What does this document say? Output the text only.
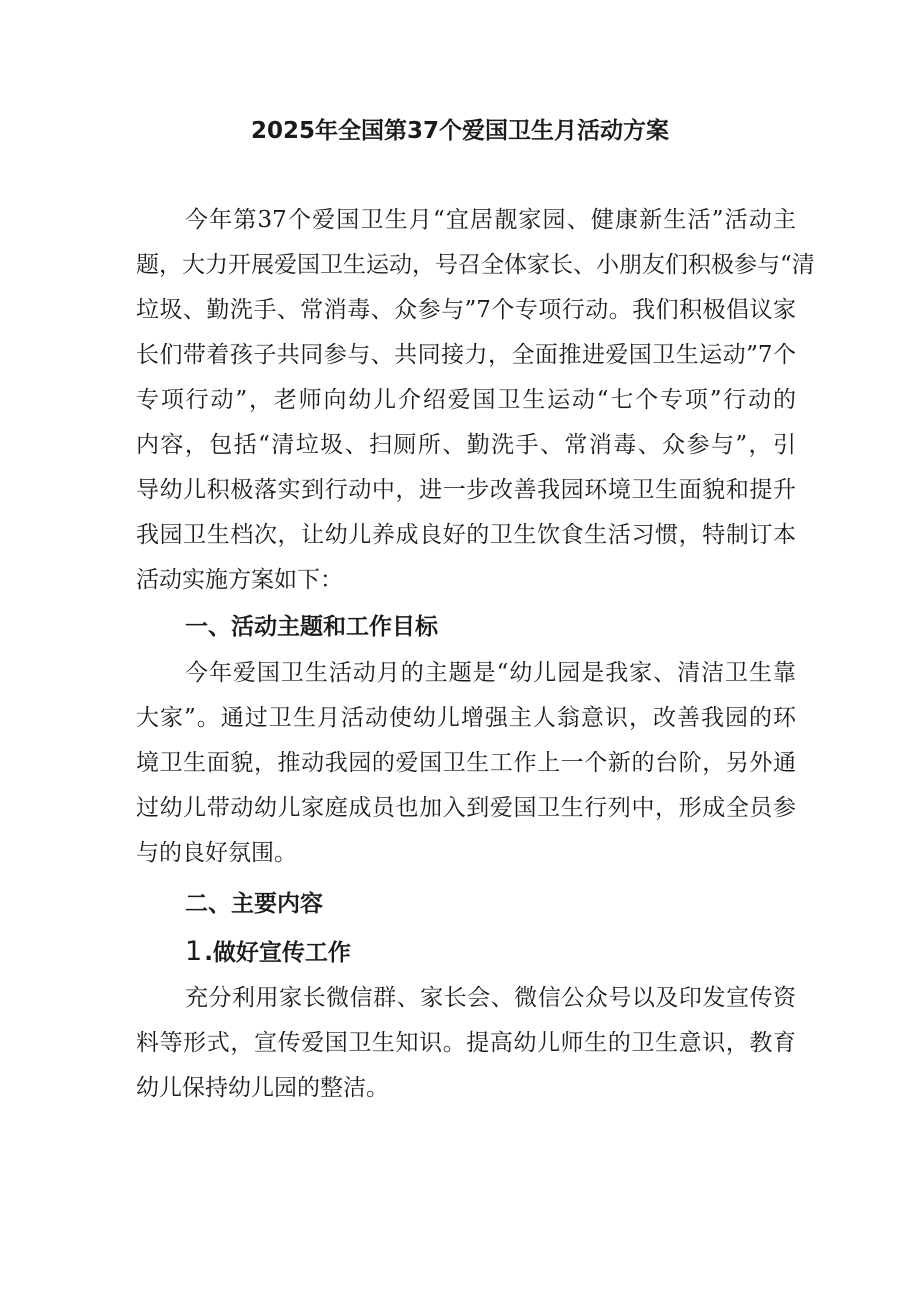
2025年全国第37个爱国卫生月活动方案
今年第37个爱国卫生月“宜居靓家园、健康新生活”活动主
题，大力开展爱国卫生运动，号召全体家长、小朋友们积极参与“清
垃圾、勤洗手、常消毒、众参与”7个专项行动。我们积极倡议家
长们带着孩子共同参与、共同接力，全面推进爱国卫生运动”7个
专项行动”，老师向幼儿介绍爱国卫生运动“七个专项”行动的
内容，包括“清垃圾、扫厕所、勤洗手、常消毒、众参与”，引
导幼儿积极落实到行动中，进一步改善我园环境卫生面貌和提升
我园卫生档次，让幼儿养成良好的卫生饮食生活习惯，特制订本
活动实施方案如下：
一、活动主题和工作目标
今年爱国卫生活动月的主题是“幼儿园是我家、清洁卫生靠
大家”。通过卫生月活动使幼儿增强主人翁意识，改善我园的环
境卫生面貌，推动我园的爱国卫生工作上一个新的台阶，另外通
过幼儿带动幼儿家庭成员也加入到爱国卫生行列中，形成全员参
与的良好氛围。
二、主要内容
1.做好宣传工作
充分利用家长微信群、家长会、微信公众号以及印发宣传资
料等形式，宣传爱国卫生知识。提高幼儿师生的卫生意识，教育
幼儿保持幼儿园的整洁。
